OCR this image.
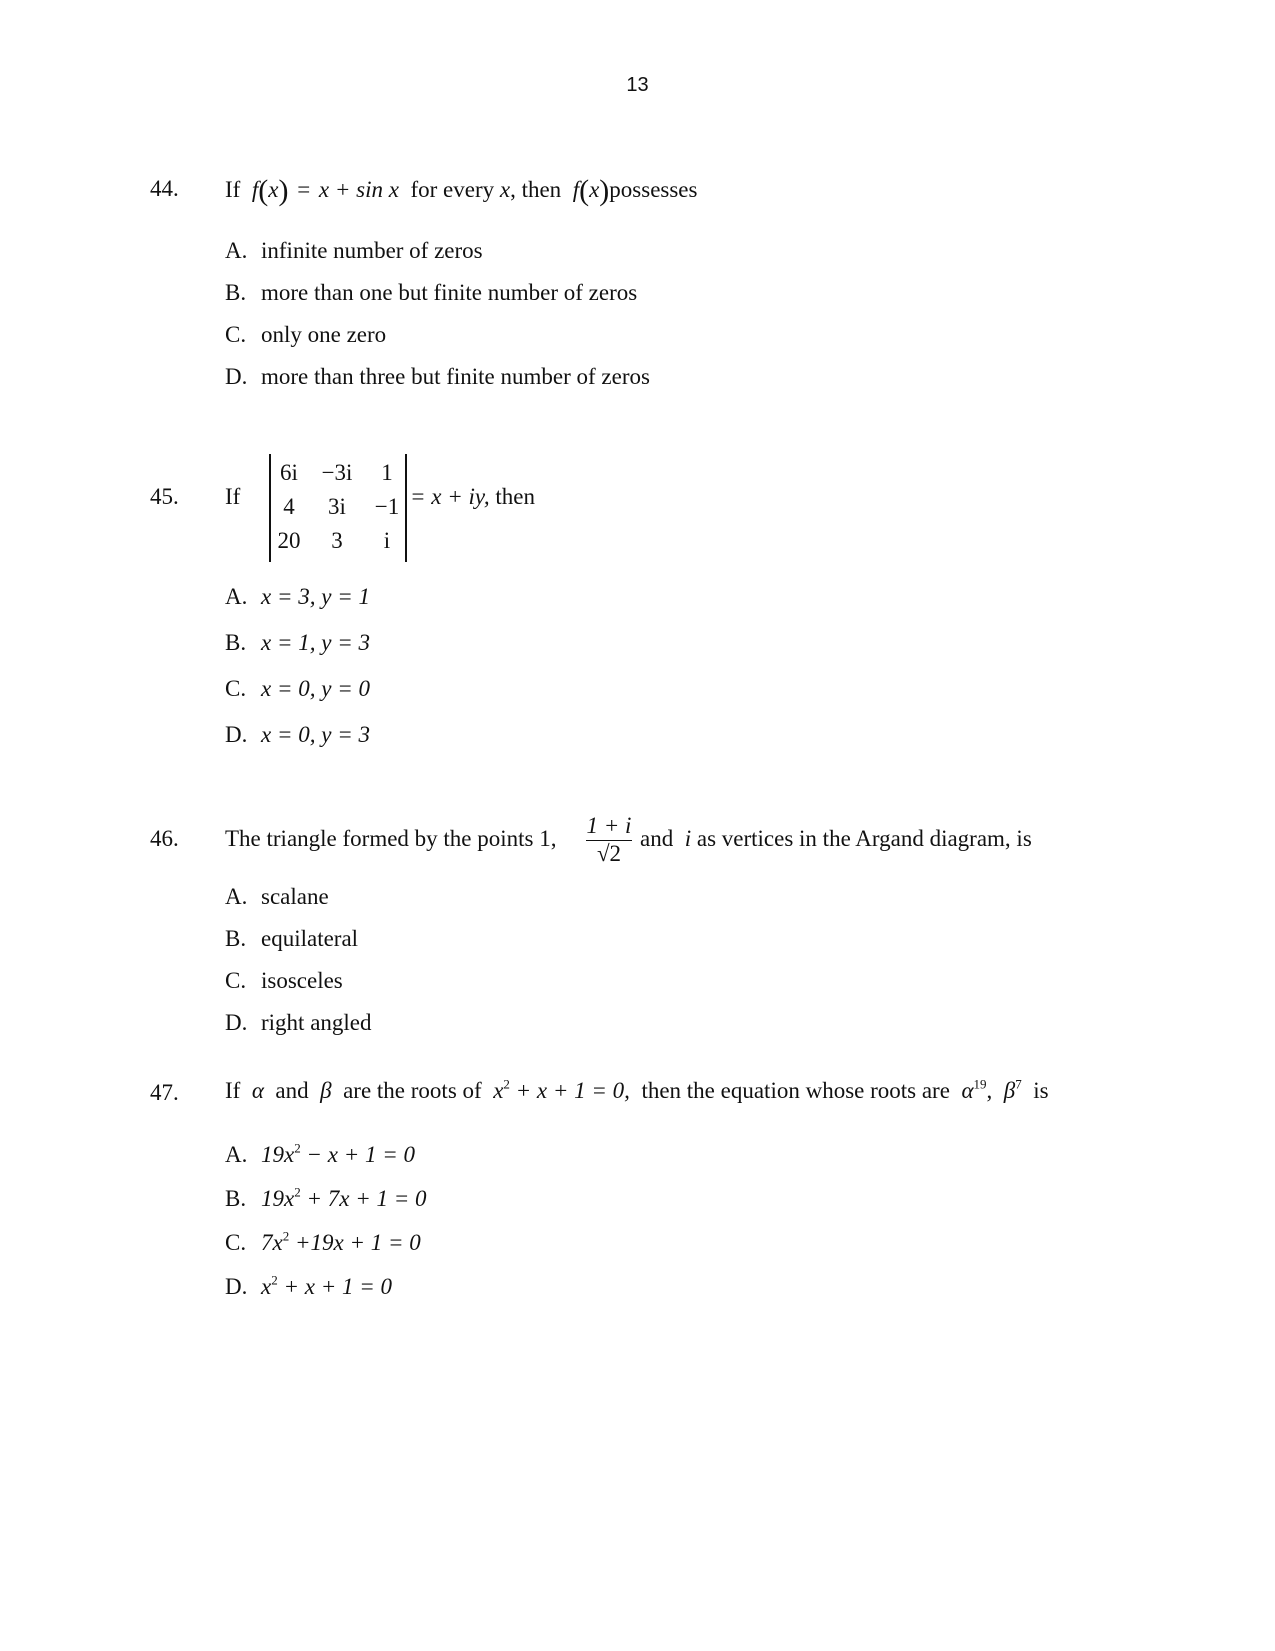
13
44. If f(x) = x + sin x for every x, then f(x)possesses
A. infinite number of zeros
B. more than one but finite number of zeros
C. only one zero
D. more than three but finite number of zeros
45. If
6i	−3i	1
4	3i	−1
20	3	i
= x + iy, then
A. x = 3, y = 1
B. x = 1, y = 3
C. x = 0, y = 0
D. x = 0, y = 3
46. The triangle formed by the points 1, $\frac{1 + i}{√2}$ and i as vertices in the Argand diagram, is
A. scalane
B. equilateral
C. isosceles
D. right angled
47. If α and β are the roots of $x^2 + x + 1 = 0$, then the equation whose roots are $\alpha^{19}$, $\beta^7$ is
A. $19x^2 - x + 1 = 0$
B. $19x^2 + 7x + 1 = 0$
C. $7x^2 +19x + 1 = 0$
D. $x^2 + x + 1 = 0$
